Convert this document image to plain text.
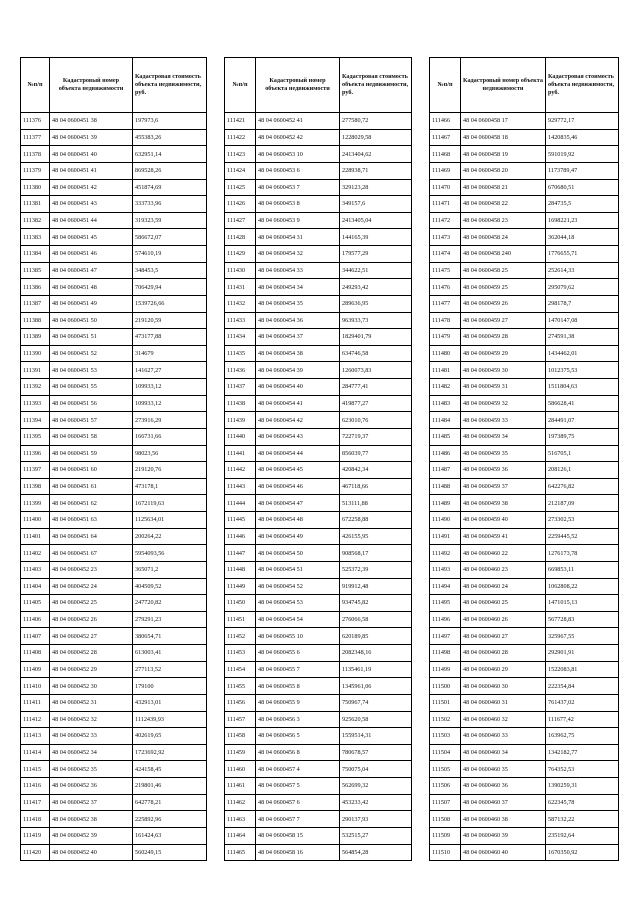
№п/п	Кадастровый номер объекта недвижимости	Кадастровая стоимость объекта недвижимости, руб.
111376	48 04 0600451 38	197973,6
111377	48 04 0600451 39	455383,26
111378	48 04 0600451 40	632951,14
111379	48 04 0600451 41	869528,26
111380	48 04 0600451 42	451874,69
111381	48 04 0600451 43	333733,96
111382	48 04 0600451 44	319323,59
111383	48 04 0600451 45	586672,07
111384	48 04 0600451 46	574610,19
111385	48 04 0600451 47	348453,5
111386	48 04 0600451 48	706429,94
111387	48 04 0600451 49	1539726,66
111388	48 04 0600451 50	219120,59
111389	48 04 0600451 51	473177,88
111390	48 04 0600451 52	314679
111391	48 04 0600451 53	141627,27
111392	48 04 0600451 55	109933,12
111393	48 04 0600451 56	109933,12
111394	48 04 0600451 57	273916,29
111395	48 04 0600451 58	166731,66
111396	48 04 0600451 59	98023,56
111397	48 04 0600451 60	219120,76
111398	48 04 0600451 61	473178,1
111399	48 04 0600451 62	1672119,63
111400	48 04 0600451 63	1125634,01
111401	48 04 0600451 64	200264,22
111402	48 04 0600451 67	5954093,56
111403	48 04 0600452 23	365071,2
111404	48 04 0600452 24	404509,52
111405	48 04 0600452 25	247720,82
111406	48 04 0600452 26	279291,23
111407	48 04 0600452 27	380654,71
111408	48 04 0600452 28	613003,41
111409	48 04 0600452 29	277113,52
111410	48 04 0600452 30	179100
111411	48 04 0600452 31	432913,01
111412	48 04 0600452 32	1112439,93
111413	48 04 0600452 33	402619,65
111414	48 04 0600452 34	1723692,92
111415	48 04 0600452 35	424158,45
111416	48 04 0600452 36	219801,46
111417	48 04 0600452 37	642778,21
111418	48 04 0600452 38	225892,96
111419	48 04 0600452 39	161424,63
111420	48 04 0600452 40	560249,15
№п/п	Кадастровый номер объекта недвижимости	Кадастровая стоимость объекта недвижимости, руб.
111421	48 04 0600452 41	277580,72
111422	48 04 0600452 42	1228029,58
111423	48 04 0600453 10	2413404,62
111424	48 04 0600453 6	228938,71
111425	48 04 0600453 7	329123,28
111426	48 04 0600453 8	349157,6
111427	48 04 0600453 9	2413405,04
111428	48 04 0600454 31	144165,39
111429	48 04 0600454 32	179577,29
111430	48 04 0600454 33	344622,51
111431	48 04 0600454 34	249293,42
111432	48 04 0600454 35	289636,95
111433	48 04 0600454 36	963933,73
111434	48 04 0600454 37	1829401,79
111435	48 04 0600454 38	634746,58
111436	48 04 0600454 39	1260073,83
111437	48 04 0600454 40	284777,41
111438	48 04 0600454 41	419877,27
111439	48 04 0600454 42	623010,76
111440	48 04 0600454 43	722719,37
111441	48 04 0600454 44	856039,77
111442	48 04 0600454 45	420842,34
111443	48 04 0600454 46	467118,66
111444	48 04 0600454 47	513111,88
111445	48 04 0600454 48	672258,88
111446	48 04 0600454 49	426155,95
111447	48 04 0600454 50	908568,17
111448	48 04 0600454 51	525372,39
111449	48 04 0600454 52	919912,48
111450	48 04 0600454 53	934745,82
111451	48 04 0600454 54	276066,58
111452	48 04 0600455 10	620189,85
111453	48 04 0600455 6	2082348,16
111454	48 04 0600455 7	1135461,19
111455	48 04 0600455 8	1345961,06
111456	48 04 0600455 9	750967,74
111457	48 04 0600456 3	925620,58
111458	48 04 0600456 5	1559514,31
111459	48 04 0600456 8	780678,57
111460	48 04 0600457 4	750075,04
111461	48 04 0600457 5	562699,32
111462	48 04 0600457 6	453233,42
111463	48 04 0600457 7	290137,93
111464	48 04 0600458 15	532515,27
111465	48 04 0600458 16	564854,28
№п/п	Кадастровый номер объекта недвижимости	Кадастровая стоимость объекта недвижимости, руб.
111466	48 04 0600458 17	929772,17
111467	48 04 0600458 18	1420835,46
111468	48 04 0600458 19	591019,92
111469	48 04 0600458 20	1173789,47
111470	48 04 0600458 21	670680,51
111471	48 04 0600458 22	284735,5
111472	48 04 0600458 23	1698221,23
111473	48 04 0600458 24	362044,18
111474	48 04 0600458 240	1776655,71
111475	48 04 0600458 25	252614,33
111476	48 04 0600459 25	295079,62
111477	48 04 0600459 26	298178,7
111478	48 04 0600459 27	1470147,08
111479	48 04 0600459 28	274591,38
111480	48 04 0600459 29	1434462,01
111481	48 04 0600459 30	1012375,53
111482	48 04 0600459 31	1511804,63
111483	48 04 0600459 32	586628,41
111484	48 04 0600459 33	284491,07
111485	48 04 0600459 34	197389,75
111486	48 04 0600459 35	516705,1
111487	48 04 0600459 36	208126,1
111488	48 04 0600459 37	642276,82
111489	48 04 0600459 38	212187,09
111490	48 04 0600459 40	273302,53
111491	48 04 0600459 41	2259445,52
111492	48 04 0600460 22	1276173,78
111493	48 04 0600460 23	669853,11
111494	48 04 0600460 24	1062808,22
111495	48 04 0600460 25	1471015,13
111496	48 04 0600460 26	567728,83
111497	48 04 0600460 27	325967,55
111498	48 04 0600460 28	292901,91
111499	48 04 0600460 29	1522083,81
111500	48 04 0600460 30	222354,84
111501	48 04 0600460 31	761437,02
111502	48 04 0600460 32	111677,42
111503	48 04 0600460 33	163962,75
111504	48 04 0600460 34	1342182,77
111505	48 04 0600460 35	764352,53
111506	48 04 0600460 36	1390259,31
111507	48 04 0600460 37	622345,78
111508	48 04 0600460 38	587132,22
111509	48 04 0600460 39	235192,64
111510	48 04 0600460 40	1670350,92
